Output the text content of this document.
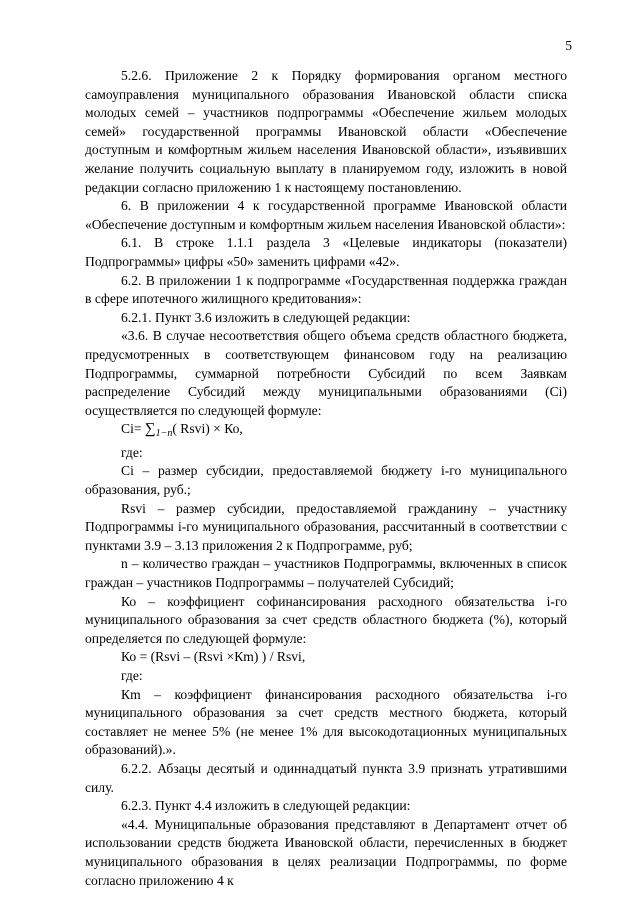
5

5.2.6. Приложение 2 к Порядку формирования органом местного самоуправления муниципального образования Ивановской области списка молодых семей – участников подпрограммы «Обеспечение жильем молодых семей» государственной программы Ивановской области «Обеспечение доступным и комфортным жильем населения Ивановской области», изъявивших желание получить социальную выплату в планируемом году, изложить в новой редакции согласно приложению 1 к настоящему постановлению.

6. В приложении 4 к государственной программе Ивановской области «Обеспечение доступным и комфортным жильем населения Ивановской области»:

6.1. В строке 1.1.1 раздела 3 «Целевые индикаторы (показатели) Подпрограммы» цифры «50» заменить цифрами «42».

6.2. В приложении 1 к подпрограмме «Государственная поддержка граждан в сфере ипотечного жилищного кредитования»:

6.2.1. Пункт 3.6 изложить в следующей редакции:

«3.6. В случае несоответствия общего объема средств областного бюджета, предусмотренных в соответствующем финансовом году на реализацию Подпрограммы, суммарной потребности Субсидий по всем Заявкам распределение Субсидий между муниципальными образованиями (Сi) осуществляется по следующей формуле:

$Сi= \sum_{1-n}$( Rsvi) × Ко,

где:

Сi – размер субсидии, предоставляемой бюджету i-го муниципального образования, руб.;

Rsvi – размер субсидии, предоставляемой гражданину – участнику Подпрограммы i-го муниципального образования, рассчитанный в соответствии с пунктами 3.9 – 3.13 приложения 2 к Подпрограмме, руб;

n – количество граждан – участников Подпрограммы, включенных в список граждан – участников Подпрограммы – получателей Субсидий;

Ко – коэффициент софинансирования расходного обязательства i-го муниципального образования за счет средств областного бюджета (%), который определяется по следующей формуле:

Ко = (Rsvi – (Rsvi ×Кm) ) / Rsvi,

где:

Кm – коэффициент финансирования расходного обязательства i-го муниципального образования за счет средств местного бюджета, который составляет не менее 5% (не менее 1% для высокодотационных муниципальных образований).».

6.2.2. Абзацы десятый и одиннадцатый пункта 3.9 признать утратившими силу.

6.2.3. Пункт 4.4 изложить в следующей редакции:

«4.4. Муниципальные образования представляют в Департамент отчет об использовании средств бюджета Ивановской области, перечисленных в бюджет муниципального образования в целях реализации Подпрограммы, по форме согласно приложению 4 к
